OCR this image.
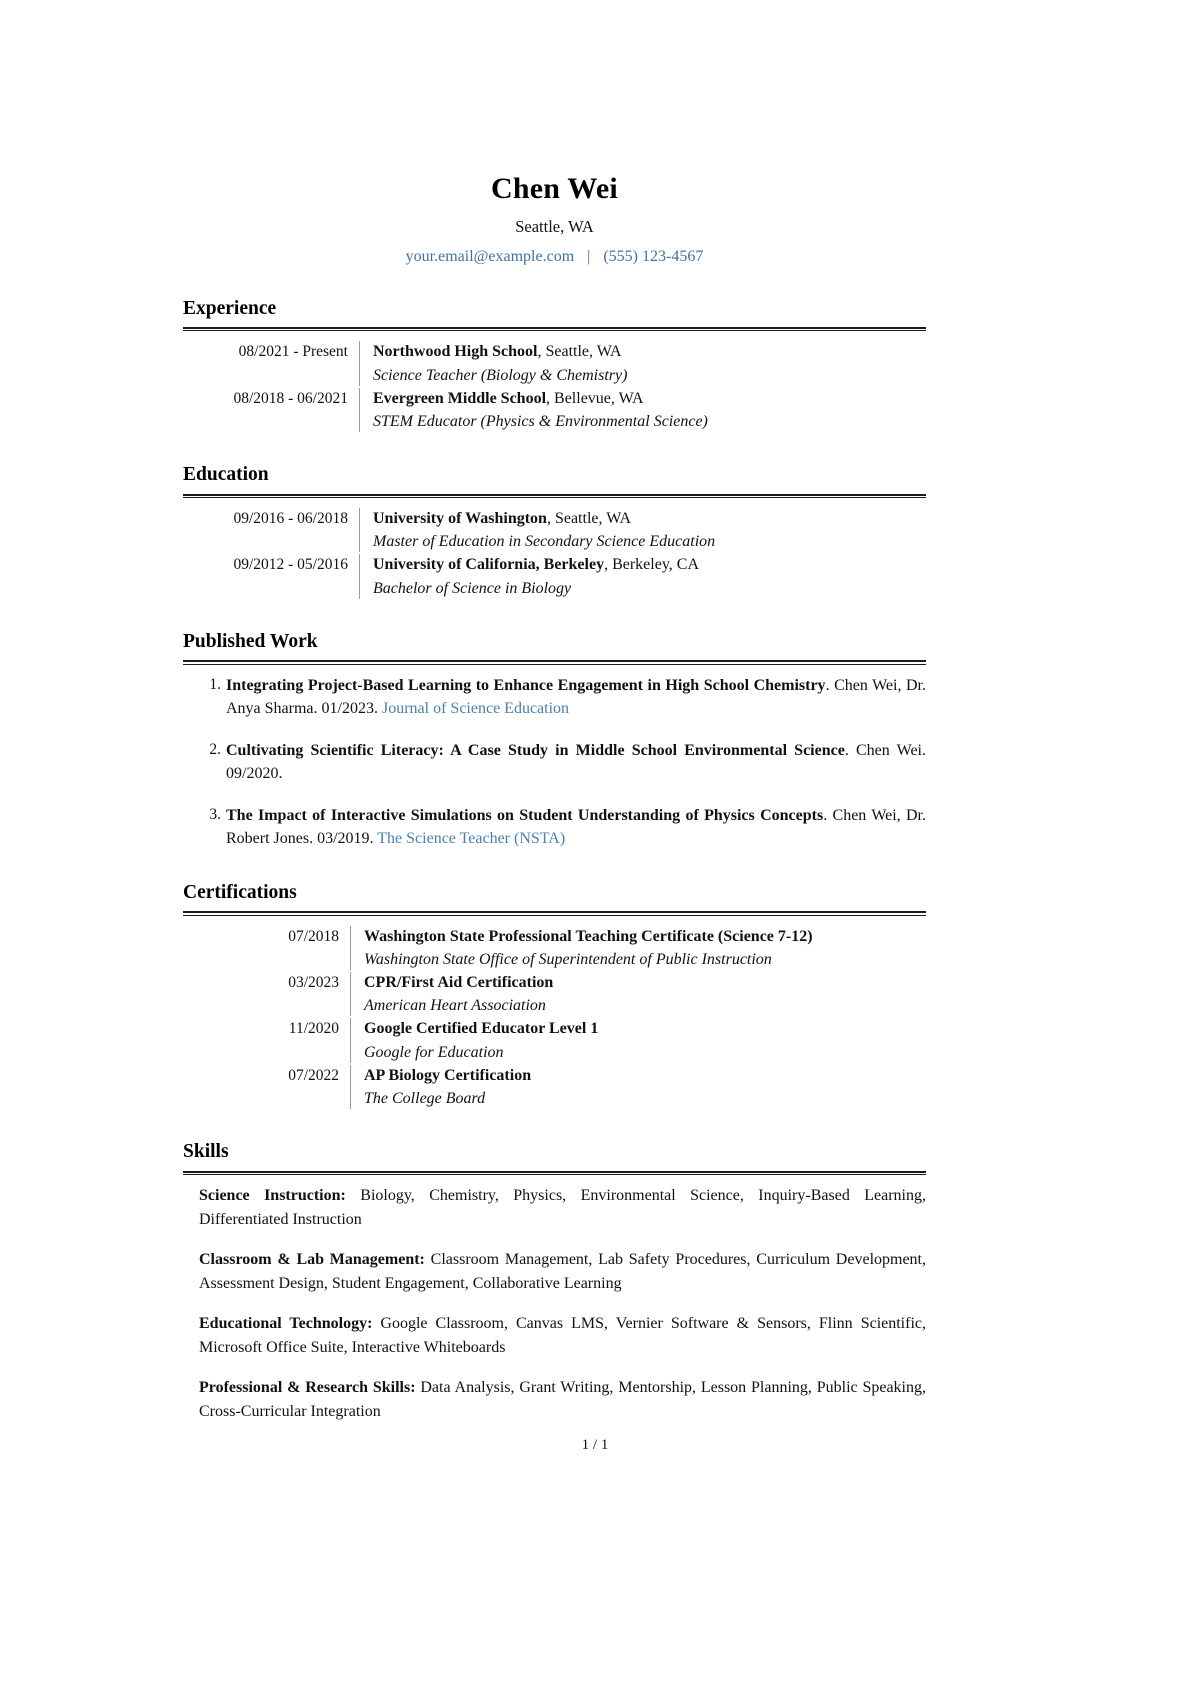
Chen Wei
Seattle, WA
your.email@example.com | (555) 123-4567
Experience
08/2021 - Present	Northwood High School, Seattle, WA
Science Teacher (Biology & Chemistry)
08/2018 - 06/2021	Evergreen Middle School, Bellevue, WA
STEM Educator (Physics & Environmental Science)
Education
09/2016 - 06/2018	University of Washington, Seattle, WA
Master of Education in Secondary Science Education
09/2012 - 05/2016	University of California, Berkeley, Berkeley, CA
Bachelor of Science in Biology
Published Work
Integrating Project-Based Learning to Enhance Engagement in High School Chemistry. Chen Wei, Dr. Anya Sharma. 01/2023. Journal of Science Education
Cultivating Scientific Literacy: A Case Study in Middle School Environmental Science. Chen Wei. 09/2020.
The Impact of Interactive Simulations on Student Understanding of Physics Concepts. Chen Wei, Dr. Robert Jones. 03/2019. The Science Teacher (NSTA)
Certifications
07/2018	Washington State Professional Teaching Certificate (Science 7-12)
Washington State Office of Superintendent of Public Instruction
03/2023	CPR/First Aid Certification
American Heart Association
11/2020	Google Certified Educator Level 1
Google for Education
07/2022	AP Biology Certification
The College Board
Skills
Science Instruction: Biology, Chemistry, Physics, Environmental Science, Inquiry-Based Learning, Differentiated Instruction
Classroom & Lab Management: Classroom Management, Lab Safety Procedures, Curriculum Development, Assessment Design, Student Engagement, Collaborative Learning
Educational Technology: Google Classroom, Canvas LMS, Vernier Software & Sensors, Flinn Scientific, Microsoft Office Suite, Interactive Whiteboards
Professional & Research Skills: Data Analysis, Grant Writing, Mentorship, Lesson Planning, Public Speaking, Cross-Curricular Integration
1 / 1
